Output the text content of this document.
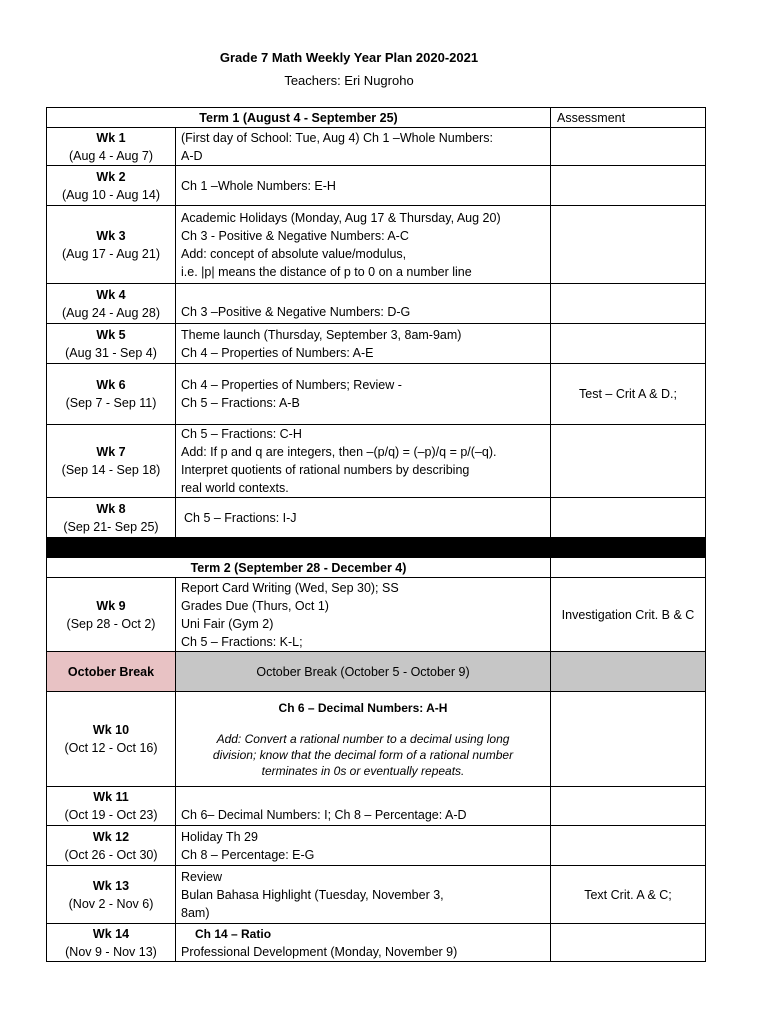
Grade 7 Math Weekly Year Plan 2020-2021
Teachers: Eri Nugroho
Term 1 (August 4 - September 25)		Assessment

Wk 1
(Aug 4 - Aug 7)	(First day of School: Tue, Aug 4) Ch 1 –Whole Numbers:
A-D	

Wk 2
(Aug 10 - Aug 14)	Ch 1 –Whole Numbers: E-H	

Wk 3
(Aug 17 - Aug 21)	Academic Holidays (Monday, Aug 17 & Thursday, Aug 20)
Ch 3 - Positive & Negative Numbers: A-C
Add: concept of absolute value/modulus,
i.e. |p| means the distance of p to 0 on a number line	

Wk 4
(Aug 24 - Aug 28)	Ch 3 –Positive & Negative Numbers: D-G	

Wk 5
(Aug 31 - Sep 4)	Theme launch (Thursday, September 3, 8am-9am)
Ch 4 – Properties of Numbers: A-E	

Wk 6
(Sep 7 - Sep 11)	Ch 4 – Properties of Numbers; Review -
Ch 5 – Fractions: A-B	Test – Crit A & D.;

Wk 7
(Sep 14 - Sep 18)	Ch 5 – Fractions: C-H
Add: If p and q are integers, then –(p/q) = (–p)/q = p/(–q).
Interpret quotients of rational numbers by describing
real world contexts.	

Wk 8
(Sep 21- Sep 25)	Ch 5 – Fractions: I-J	

Term 2 (September 28 - December 4)		

Wk 9
(Sep 28 - Oct 2)	Report Card Writing (Wed, Sep 30); SS
Grades Due (Thurs, Oct 1)
Uni Fair (Gym 2)
Ch 5 – Fractions: K-L;	Investigation Crit. B & C
October Break	October Break (October 5 - October 9)	

Wk 10
(Oct 12 - Oct 16)	Ch 6 – Decimal Numbers: A-H
Add: Convert a rational number to a decimal using long
division; know that the decimal form of a rational number
terminates in 0s or eventually repeats.	

Wk 11
(Oct 19 - Oct 23)	Ch 6– Decimal Numbers: I; Ch 8 – Percentage: A-D	

Wk 12
(Oct 26 - Oct 30)	Holiday Th 29
Ch 8 – Percentage: E-G	

Wk 13
(Nov 2 - Nov 6)	Review
Bulan Bahasa Highlight (Tuesday, November 3,
8am)	Text Crit. A & C;

Wk 14
(Nov 9 - Nov 13)	Ch 14 – Ratio
Professional Development (Monday, November 9)	
